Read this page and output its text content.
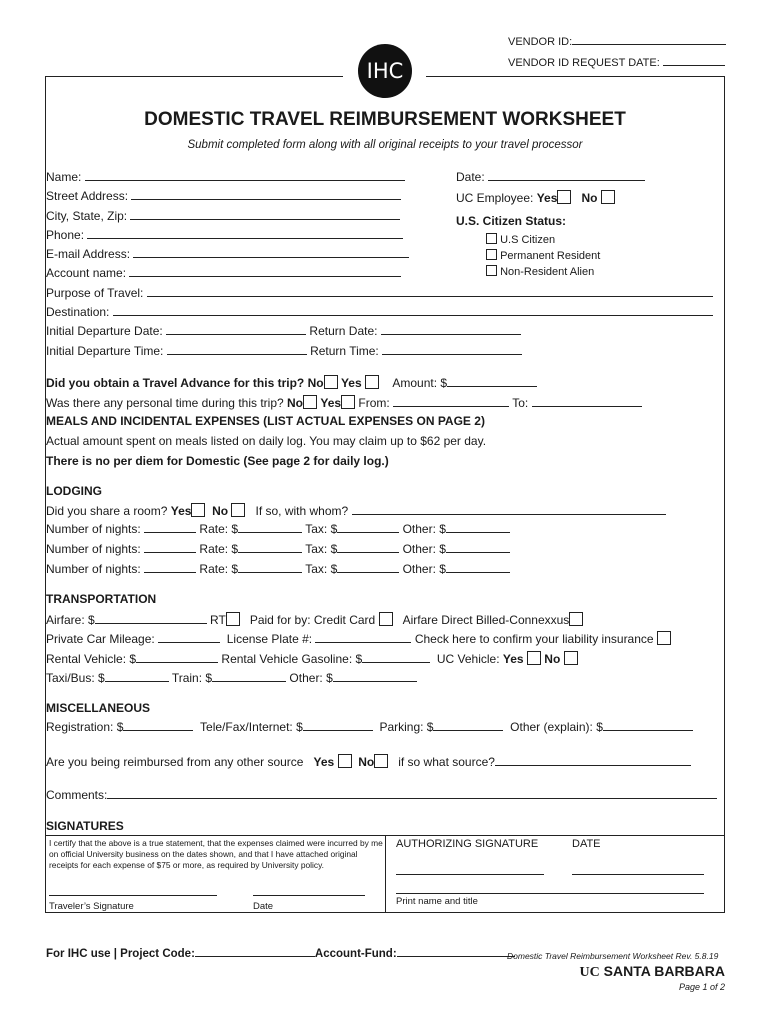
VENDOR ID:
VENDOR ID REQUEST DATE:
IHC
DOMESTIC TRAVEL REIMBURSEMENT WORKSHEET
Submit completed form along with all original receipts to your travel processor
Name:
Street Address:
City, State, Zip:
Phone:
E-mail Address:
Account name:
Date:
UC Employee: Yes No
U.S. Citizen Status:
U.S Citizen
Permanent Resident
Non-Resident Alien
Purpose of Travel:
Destination:
Initial Departure Date:	Return Date:
Initial Departure Time:	Return Time:
Did you obtain a Travel Advance for this trip? No Yes	Amount: $
Was there any personal time during this trip? No Yes From:	To:
MEALS AND INCIDENTAL EXPENSES (LIST ACTUAL EXPENSES ON PAGE 2)
Actual amount spent on meals listed on daily log. You may claim up to $62 per day.
There is no per diem for Domestic (See page 2 for daily log.)
LODGING
Did you share a room? Yes No If so, with whom?
Number of nights:	Rate: $	Tax: $	Other: $
Number of nights:	Rate: $	Tax: $	Other: $
Number of nights:	Rate: $	Tax: $	Other: $
TRANSPORTATION
Airfare: $	RT Paid for by: Credit Card Airfare Direct Billed-Connexxus
Private Car Mileage:	License Plate #:	Check here to confirm your liability insurance
Rental Vehicle: $	Rental Vehicle Gasoline: $	UC Vehicle: Yes No
Taxi/Bus: $	Train: $	Other: $
MISCELLANEOUS
Registration: $	Tele/Fax/Internet: $	Parking: $	Other (explain): $
Are you being reimbursed from any other source Yes No if so what source?
Comments:
SIGNATURES
I certify that the above is a true statement, that the expenses claimed were incurred by me on official University business on the dates shown, and that I have attached original receipts for each expense of $75 or more, as required by University policy.
Traveler’s Signature	Date
AUTHORIZING SIGNATURE	DATE
Print name and title
For IHC use | Project Code:	Account-Fund:	Domestic Travel Reimbursement Worksheet Rev. 5.8.19
UC SANTA BARBARA
Page 1 of 2
